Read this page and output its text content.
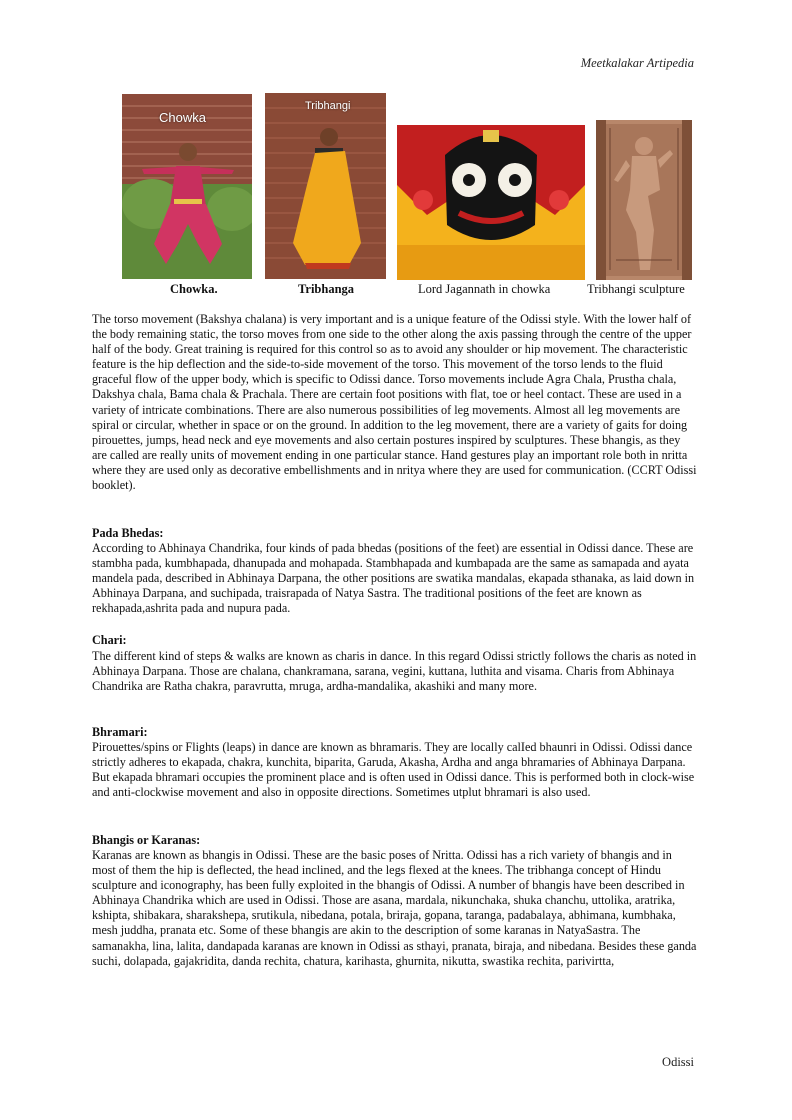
Meetkalakar Artipedia
Chowka
Tribhangi
Chowka.	Tribhanga	Lord Jagannath in chowka	Tribhangi sculpture

The torso movement (Bakshya chalana) is very important and is a unique feature of the Odissi style. With the lower half of the body remaining static, the torso moves from one side to the other along the axis passing through the centre of the upper half of the body. Great training is required for this control so as to avoid any shoulder or hip movement. The characteristic feature is the hip deflection and the side-to-side movement of the torso. This movement of the torso lends to the fluid graceful flow of the upper body, which is specific to Odissi dance. Torso movements include Agra Chala, Prustha chala, Dakshya chala, Bama chala & Prachala. There are certain foot positions with flat, toe or heel contact. These are used in a variety of intricate combinations. There are also numerous possibilities of leg movements. Almost all leg movements are spiral or circular, whether in space or on the ground. In addition to the leg movement, there are a variety of gaits for doing pirouettes, jumps, head neck and eye movements and also certain postures inspired by sculptures. These bhangis, as they are called are really units of movement ending in one particular stance. Hand gestures play an important role both in nritta where they are used only as decorative embellishments and in nritya where they are used for communication. (CCRT Odissi booklet).

Pada Bhedas:

According to Abhinaya Chandrika, four kinds of pada bhedas (positions of the feet) are essential in Odissi dance. These are stambha pada, kumbhapada, dhanupada and mohapada. Stambhapada and kumbapada are the same as samapada and ayata mandela pada, described in Abhinaya Darpana, the other positions are swatika mandalas, ekapada sthanaka, as laid down in Abhinaya Darpana, and suchipada, traisrapada of Natya Sastra. The traditional positions of the feet are known as rekhapada,ashrita pada and nupura pada.

Chari:

The different kind of steps & walks are known as charis in dance. In this regard Odissi strictly follows the charis as noted in Abhinaya Darpana. Those are chalana, chankramana, sarana, vegini, kuttana, luthita and visama. Charis from Abhinaya Chandrika are Ratha chakra, paravrutta, mruga, ardha-mandalika, akashiki and many more.

Bhramari:

Pirouettes/spins or Flights (leaps) in dance are known as bhramaris. They are locally calIed bhaunri in Odissi. Odissi dance strictly adheres to ekapada, chakra, kunchita, biparita, Garuda, Akasha, Ardha and anga bhramaries of Abhinaya Darpana. But ekapada bhramari occupies the prominent place and is often used in Odissi dance. This is performed both in clock-wise and anti-clockwise movement and also in opposite directions. Sometimes utplut bhramari is also used.

Bhangis or Karanas:

Karanas are known as bhangis in Odissi. These are the basic poses of Nritta. Odissi has a rich variety of bhangis and in most of them the hip is deflected, the head inclined, and the legs flexed at the knees. The tribhanga concept of Hindu sculpture and iconography, has been fully exploited in the bhangis of Odissi. A number of bhangis have been described in Abhinaya Chandrika which are used in Odissi. Those are asana, mardala, nikunchaka, shuka chanchu, uttolika, aratrika, kshipta, shibakara, sharakshepa, srutikula, nibedana, potala, briraja, gopana, taranga, padabalaya, abhimana, kumbhaka, mesh juddha, pranata etc. Some of these bhangis are akin to the description of some karanas in NatyaSastra. The samanakha, lina, lalita, dandapada karanas are known in Odissi as sthayi, pranata, biraja, and nibedana. Besides these ganda suchi, dolapada, gajakridita, danda rechita, chatura, karihasta, ghurnita, nikutta, swastika rechita, parivirtta,

Odissi
